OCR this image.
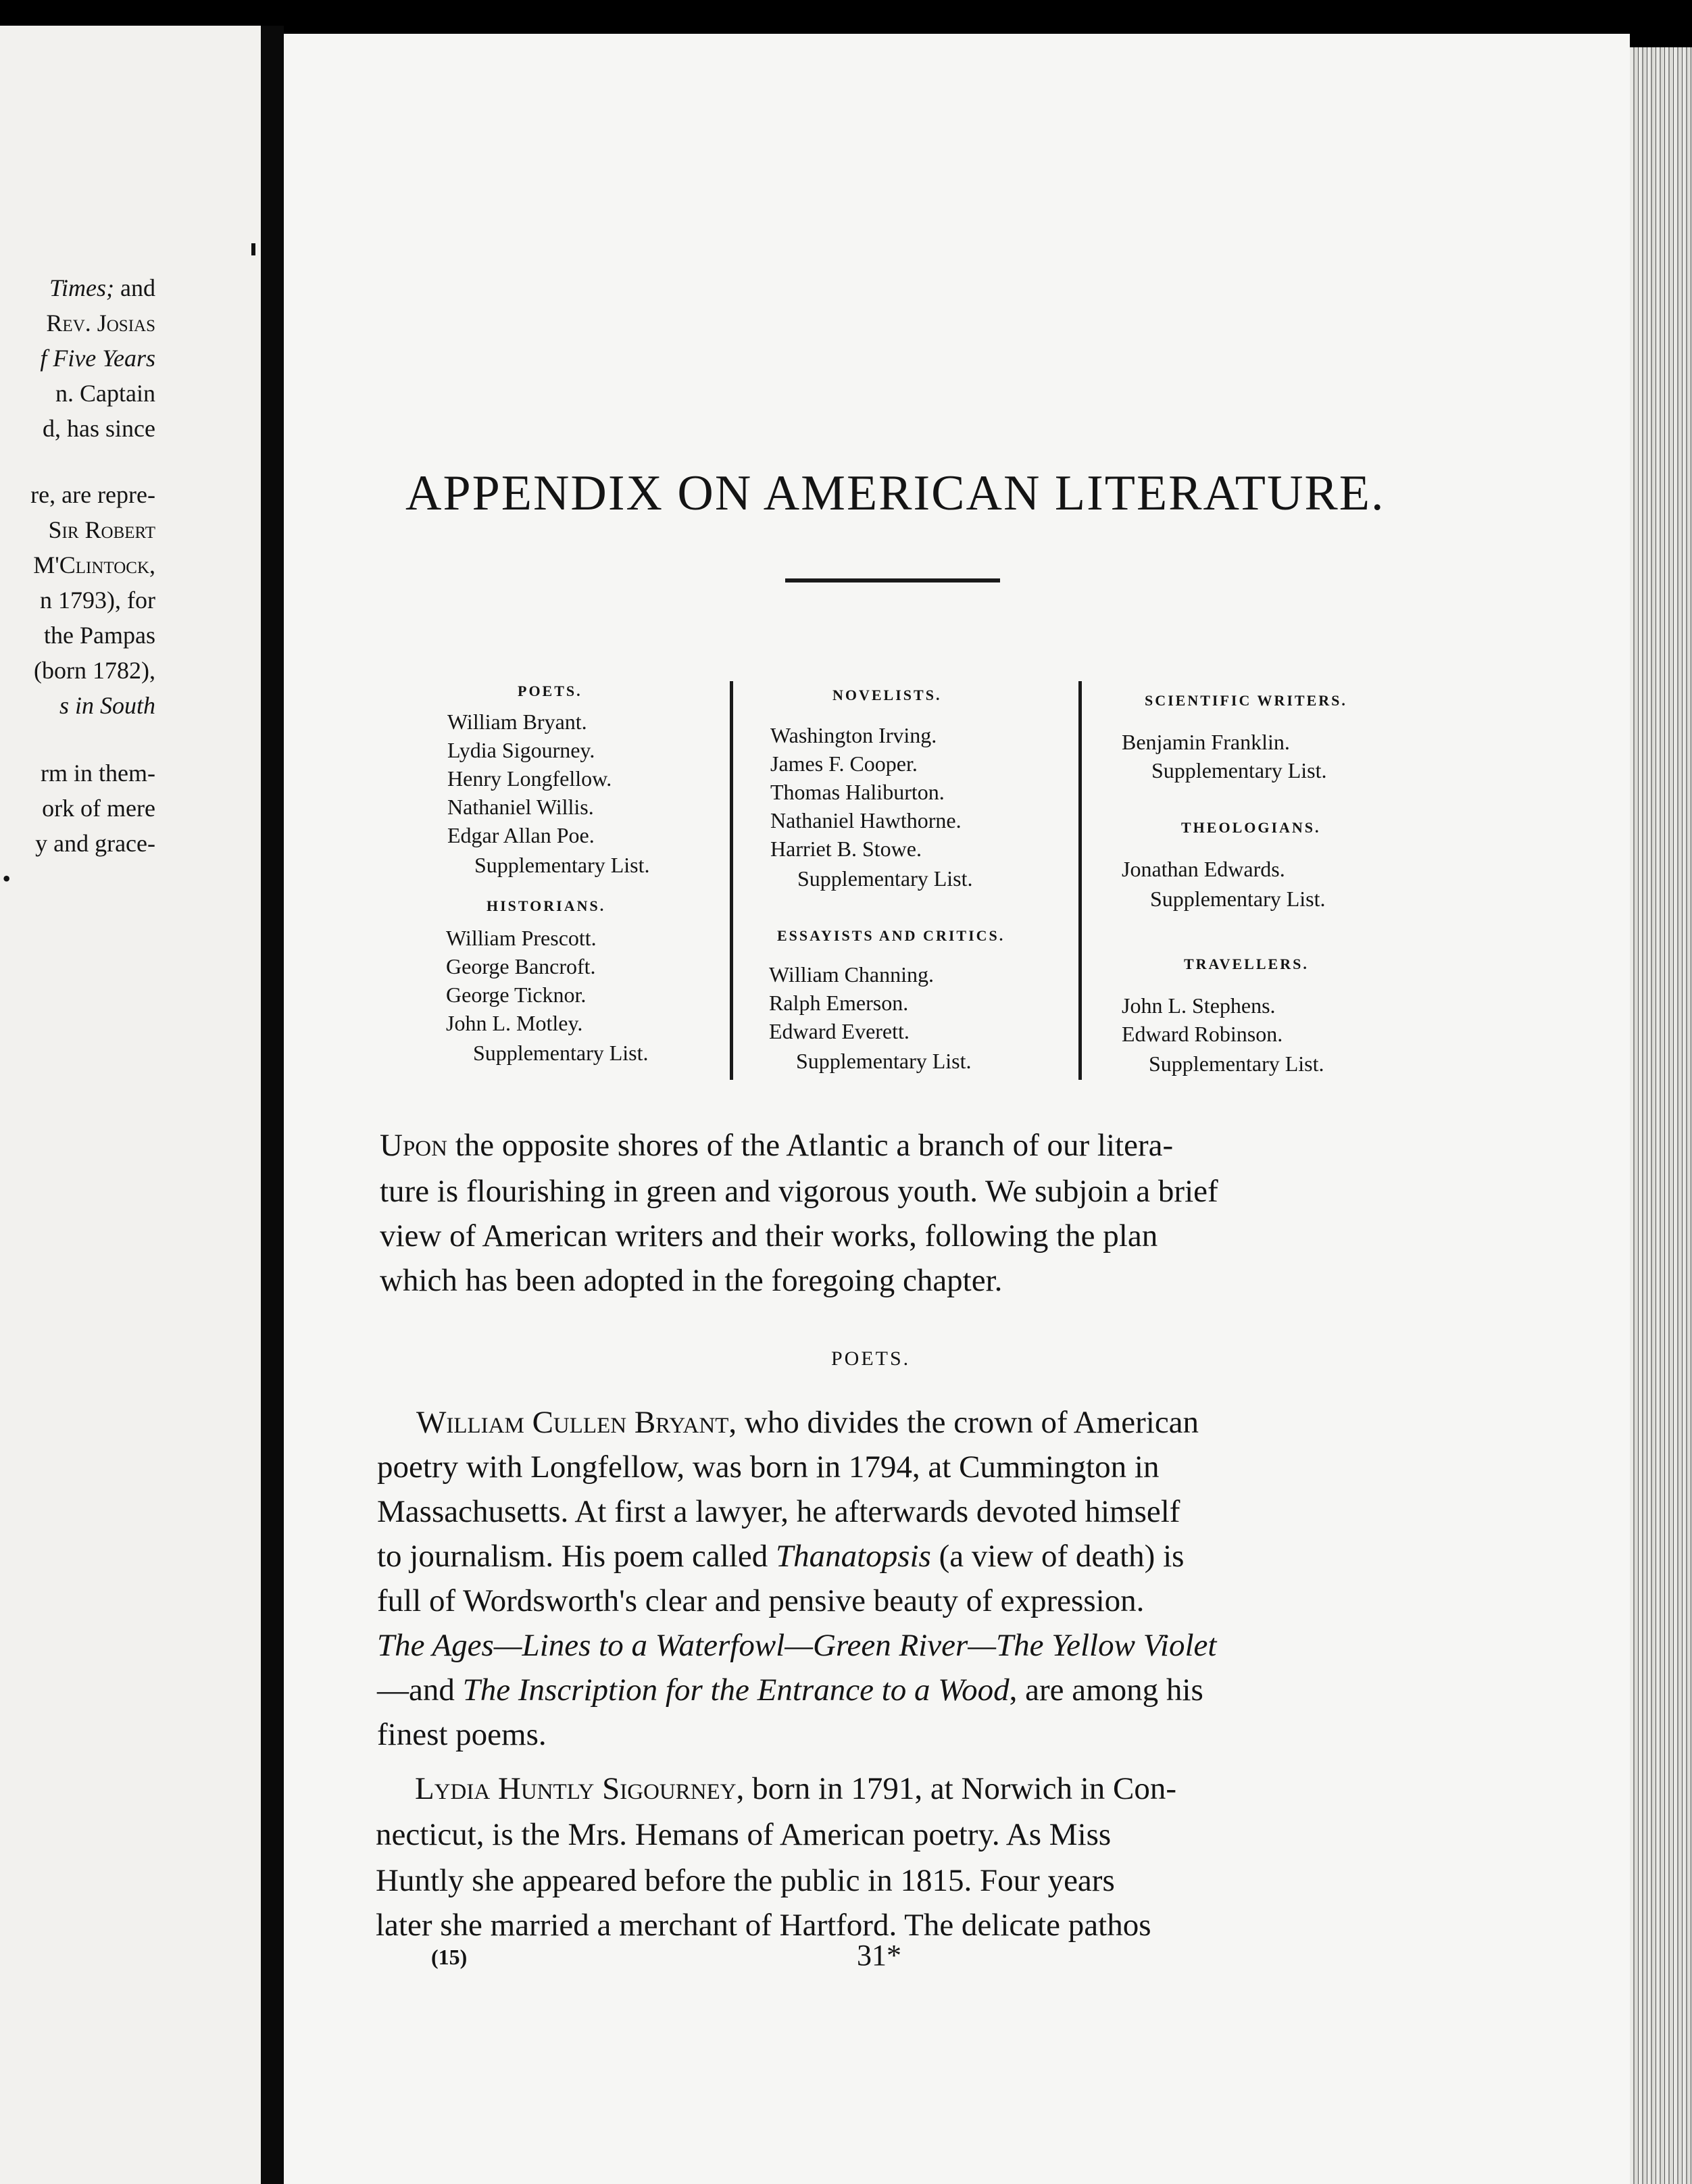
Times; and
Rev. Josias
f Five Years
n. Captain
d, has since
re, are repre-
Sir Robert
M'Clintock,
n 1793), for
the Pampas
(born 1782),
s in South
rm in them-
ork of mere
y and grace-
•
APPENDIX ON AMERICAN LITERATURE.
POETS.
William Bryant.
Lydia Sigourney.
Henry Longfellow.
Nathaniel Willis.
Edgar Allan Poe.
Supplementary List.
HISTORIANS.
William Prescott.
George Bancroft.
George Ticknor.
John L. Motley.
Supplementary List.
NOVELISTS.
Washington Irving.
James F. Cooper.
Thomas Haliburton.
Nathaniel Hawthorne.
Harriet B. Stowe.
Supplementary List.
ESSAYISTS AND CRITICS.
William Channing.
Ralph Emerson.
Edward Everett.
Supplementary List.
SCIENTIFIC WRITERS.
Benjamin Franklin.
Supplementary List.
THEOLOGIANS.
Jonathan Edwards.
Supplementary List.
TRAVELLERS.
John L. Stephens.
Edward Robinson.
Supplementary List.
Upon the opposite shores of the Atlantic a branch of our litera-
ture is flourishing in green and vigorous youth. We subjoin a brief
view of American writers and their works, following the plan
which has been adopted in the foregoing chapter.
POETS.
William Cullen Bryant, who divides the crown of American
poetry with Longfellow, was born in 1794, at Cummington in
Massachusetts. At first a lawyer, he afterwards devoted himself
to journalism. His poem called Thanatopsis (a view of death) is
full of Wordsworth's clear and pensive beauty of expression.
The Ages—Lines to a Waterfowl—Green River—The Yellow Violet
—and The Inscription for the Entrance to a Wood, are among his
finest poems.
Lydia Huntly Sigourney, born in 1791, at Norwich in Con-
necticut, is the Mrs. Hemans of American poetry. As Miss
Huntly she appeared before the public in 1815. Four years
later she married a merchant of Hartford. The delicate pathos
(15)	31*
